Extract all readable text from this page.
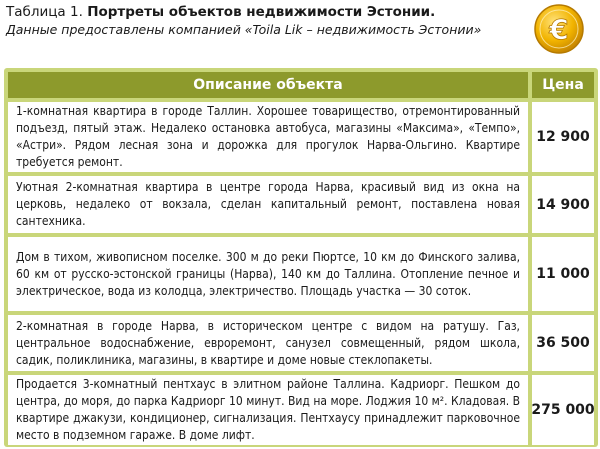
Таблица 1. Портреты объектов недвижимости Эстонии.
Данные предоставлены компанией «Toila Lik – недвижимость Эстонии»	€
Описание объекта	Цена
1-комнатная квартира в городе Таллин. Хорошее товарищество, отремонтированный подъезд, пятый этаж. Недалеко остановка автобуса, магазины «Максима», «Темпо», «Астри». Рядом лесная зона и дорожка для прогулок Нарва-Ольгино. Квартире требуется ремонт.
12 900
Уютная 2-комнатная квартира в центре города Нарва, красивый вид из окна на церковь, недалеко от вокзала, сделан капитальный ремонт, поставлена новая сантехника.
14 900
Дом в тихом, живописном поселке. 300 м до реки Пюртсе, 10 км до Финского залива, 60 км от русско-эстонской границы (Нарва), 140 км до Таллина. Отопление печное и электрическое, вода из колодца, электричество. Площадь участка — 30 соток.
11 000
2-комнатная в городе Нарва, в историческом центре с видом на ратушу. Газ, центральное водоснабжение, евроремонт, санузел совмещенный, рядом школа, садик, поликлиника, магазины, в квартире и доме новые стеклопакеты.
36 500
Продается 3-комнатный пентхаус в элитном районе Таллина. Кадриорг. Пешком до центра, до моря, до парка Кадриорг 10 минут. Вид на море. Лоджия 10 м². Кладовая. В квартире джакузи, кондиционер, сигнализация. Пентхаусу принадлежит парковочное место в подземном гараже. В доме лифт.
275 000
